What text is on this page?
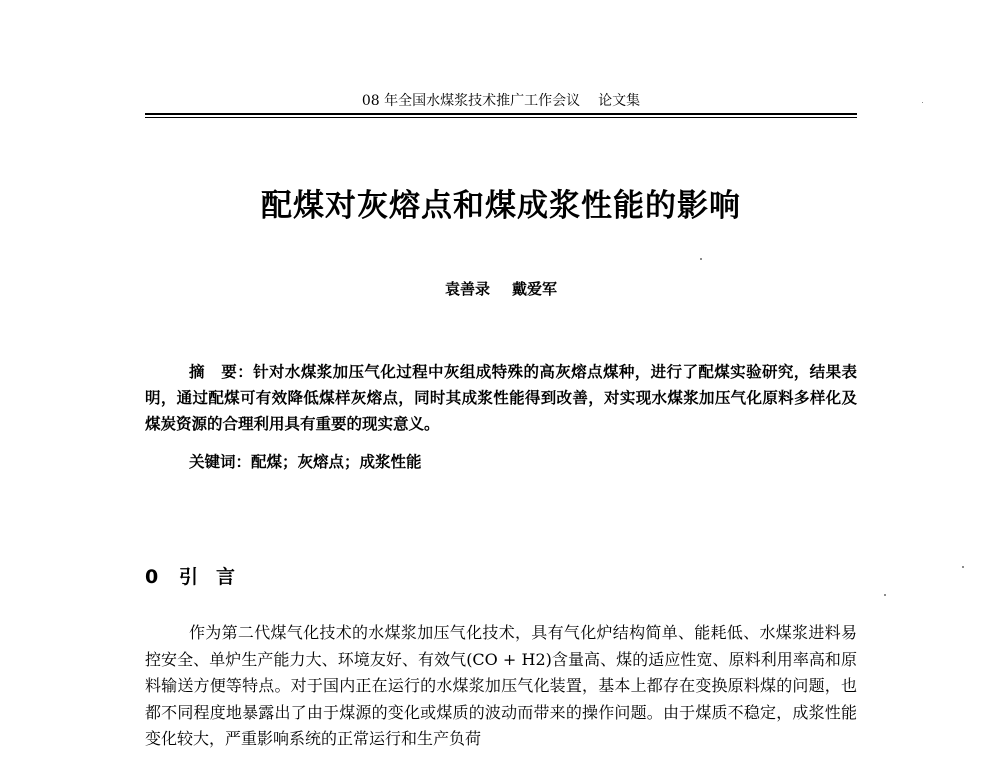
08 年全国水煤浆技术推广工作会议 论文集
配煤对灰熔点和煤成浆性能的影响
袁善录 戴爱军
摘 要：针对水煤浆加压气化过程中灰组成特殊的高灰熔点煤种，进行了配煤实验研究，结果表明，通过配煤可有效降低煤样灰熔点，同时其成浆性能得到改善，对实现水煤浆加压气化原料多样化及煤炭资源的合理利用具有重要的现实意义。
关键词：配煤；灰熔点；成浆性能
0 引 言
作为第二代煤气化技术的水煤浆加压气化技术，具有气化炉结构简单、能耗低、水煤浆进料易控安全、单炉生产能力大、环境友好、有效气(CO + H2)含量高、煤的适应性宽、原料利用率高和原料输送方便等特点。对于国内正在运行的水煤浆加压气化装置，基本上都存在变换原料煤的问题，也都不同程度地暴露出了由于煤源的变化或煤质的波动而带来的操作问题。由于煤质不稳定，成浆性能变化较大，严重影响系统的正常运行和生产负荷
